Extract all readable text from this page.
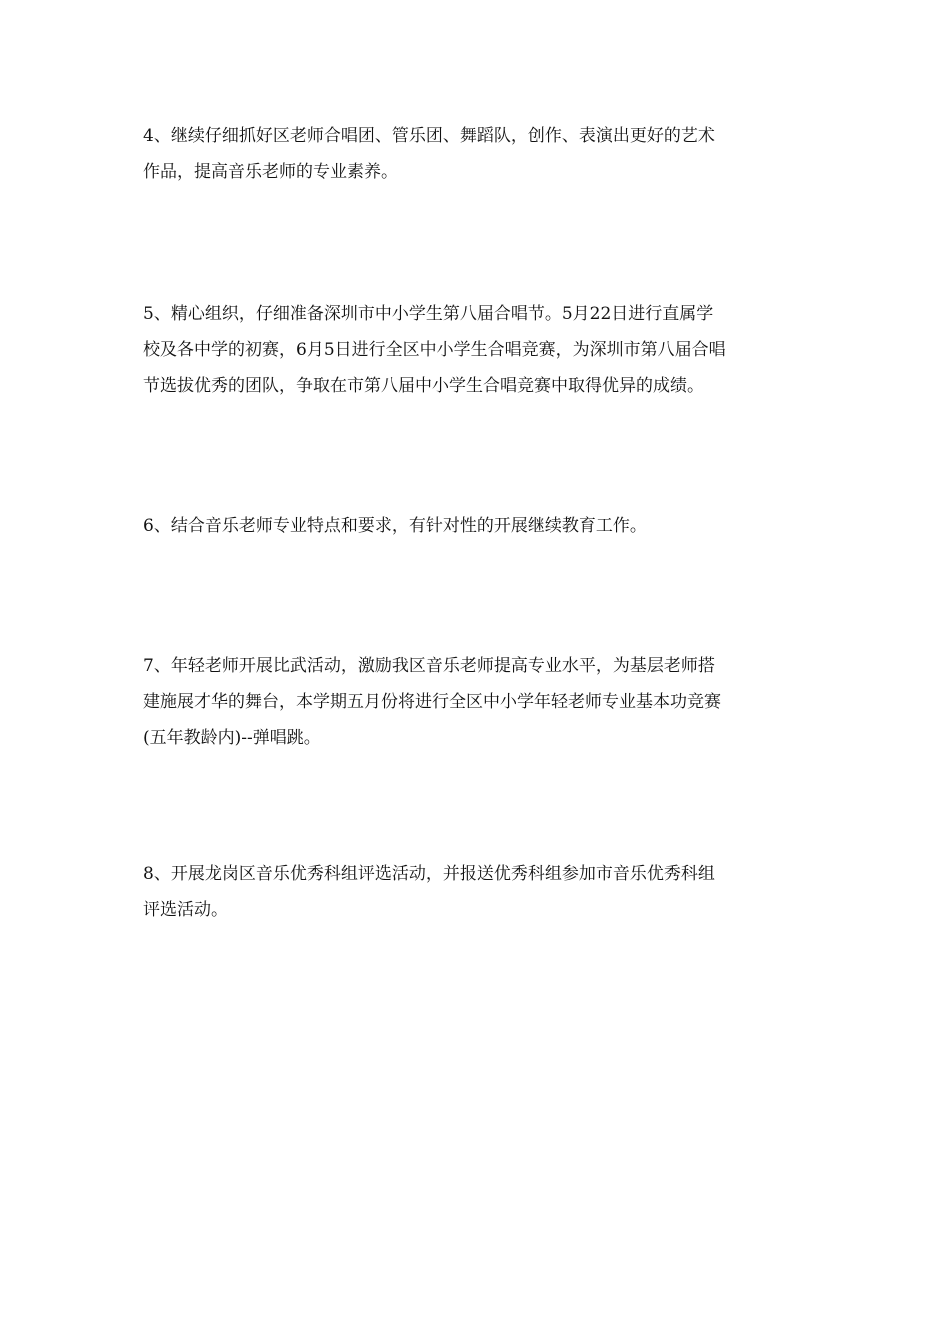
4、继续仔细抓好区老师合唱团、管乐团、舞蹈队，创作、表演出更好的艺术
作品，提高音乐老师的专业素养。

5、精心组织，仔细准备深圳市中小学生第八届合唱节。5月22日进行直属学
校及各中学的初赛，6月5日进行全区中小学生合唱竞赛，为深圳市第八届合唱
节选拔优秀的团队，争取在市第八届中小学生合唱竞赛中取得优异的成绩。

6、结合音乐老师专业特点和要求，有针对性的开展继续教育工作。

7、年轻老师开展比武活动，激励我区音乐老师提高专业水平，为基层老师搭
建施展才华的舞台，本学期五月份将进行全区中小学年轻老师专业基本功竞赛
(五年教龄内)--弹唱跳。

8、开展龙岗区音乐优秀科组评选活动，并报送优秀科组参加市音乐优秀科组
评选活动。
